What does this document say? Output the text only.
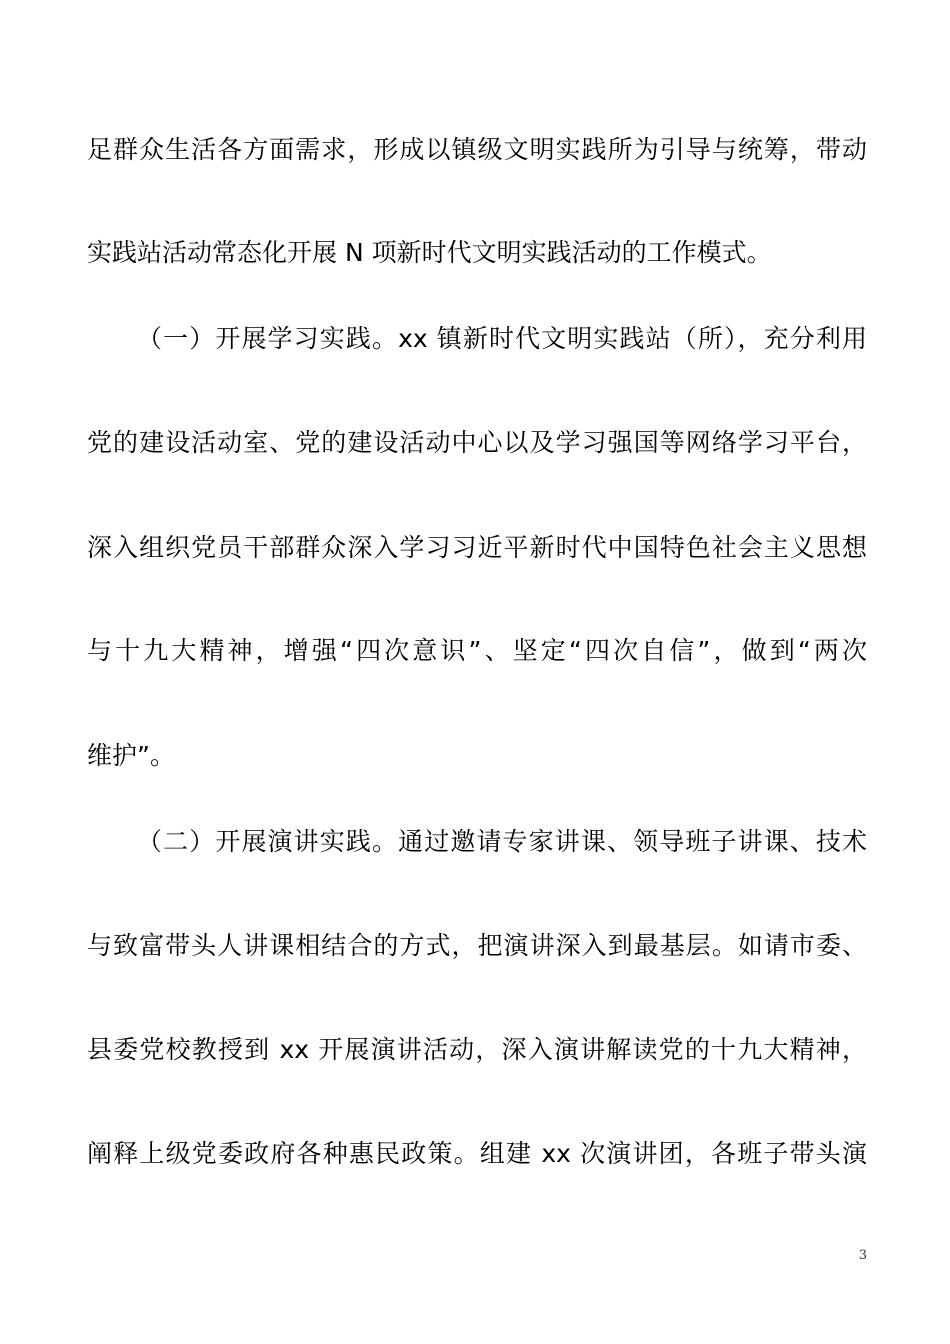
足群众生活各方面需求，形成以镇级文明实践所为引导与统筹，带动
实践站活动常态化开展 N 项新时代文明实践活动的工作模式。
（一）开展学习实践。xx 镇新时代文明实践站（所），充分利用
党的建设活动室、党的建设活动中心以及学习强国等网络学习平台，
深入组织党员干部群众深入学习习近平新时代中国特色社会主义思想
与十九大精神，增强“四次意识”、坚定“四次自信”，做到“两次
维护”。
（二）开展演讲实践。通过邀请专家讲课、领导班子讲课、技术
与致富带头人讲课相结合的方式，把演讲深入到最基层。如请市委、
县委党校教授到 xx 开展演讲活动，深入演讲解读党的十九大精神，
阐释上级党委政府各种惠民政策。组建 xx 次演讲团，各班子带头演
3
